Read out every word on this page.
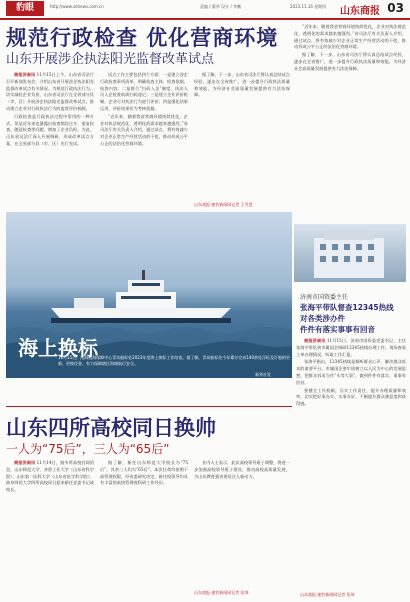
豹眼	http://www.sdnews.com.cn	责编 / 董华 设计 / 李鹏	2023.11.16 星期四 山东商报 03
规范行政检查 优化营商环境
山东开展涉企执法阳光监督改革试点

商报济南讯 11月15日上午，山东省司法厅召开新闻发布会，介绍山东省开展涉企执法阳光监督改革试点有关情况。为规范行政执法行为，切实减轻企业负担，山东省司法厅在全省部分县（市、区）开展涉企执法阳光监督改革试点，推动建立企业对行政执法行为的监督评价机制。

行政检查是行政执法过程中常用的一种方式，但是近年来也暴露出检查频次过多、重复检查、随意检查等问题，增加了企业负担。为此，山东省司法厅深入开展调研，形成改革试点方案，在全省部分县（市、区）先行先试。

试点工作主要包括四个方面：一是建立涉企行政检查事项清单，明确检查主体、检查依据、检查内容；二是推行“扫码入企”制度，执法人员入企检查前需扫码登记；三是建立企业评价机制，企业可对执法行为进行评价；四是强化结果运用，评价结果作为考核依据。

“近年来，随着我省营商环境持续优化，企业对执法规范化、透明化的需求越来越强烈。”省司法厅有关负责人介绍，通过试点，将有效减少对企业正常生产经营活动的干扰，推动形成公平公正的法治化营商环境。

据了解，下一步，山东省司法厅将认真总结试点经验，逐步在全省推广，进一步提升行政执法质量和效能，为经济社会高质量发展提供有力法治保障。

山东商报·速豹新闻网记者 王雪莲

“近年来，随着我省营商环境持续优化，企业对执法规范化、透明化的需求越来越强烈。”省司法厅有关负责人介绍，通过试点，将有效减少对企业正常生产经营活动的干扰，推动形成公平公正的法治化营商环境。

据了解，下一步，山东省司法厅将认真总结试点经验，逐步在全省推广，进一步提升行政执法质量和效能，为经济社会高质量发展提供有力法治保障。

海上换标
11月15日，山海航海保障中心青岛船标处2023年度海上换标工作结束。据了解，青岛船标处今年累计完成140余处浮标及灯船的更新、更换任务，有力保障辖区海域航行安全。
新华社发
济南市国资委主任
张海平带队督查12345热线
对各类涉办件
件件有落实事事有回音

商报济南讯 11月15日，济南市国资委党委书记、主任张海平带队到市属国企调研12345热线办理工作，现场查看工单办理情况，听取工作汇报。

张海平指出，12345热线是倾听群众心声、解决群众诉求的重要平台。市属国企要牢固树立以人民为中心的发展思想，把群众诉求当作“头等大事”，做到件件有落实、事事有回音。

要健全工作机制，压实工作责任，提升办理质量和效率，切实把好事办实、实事办好，不断提升群众满意度和获得感。

山东商报·速豹新闻网记者 张坤
山东四所高校同日换帅
一人为“75后”，三人为“65后”

商报济南讯 11月14日，据多所高校官网消息，山东师范大学、齐鲁工业大学（山东省科学院）、山东第一医科大学（山东省医学科学院）、曲阜师范大学四所高校同日迎来新任党委书记或校长。

据了解，新任山东师范大学校长为“75后”，其余三人均为“65后”。本次任命均按照干部管理权限，经省委研究决定。新任校领导均具有丰富的高校管理或科研工作经历。

业内人士表示，此次高校领导班子调整，将进一步加强高校领导班子建设，推动高校高质量发展，为山东教育强省建设注入新动力。

山东商报·速豹新闻网记者 张坤
